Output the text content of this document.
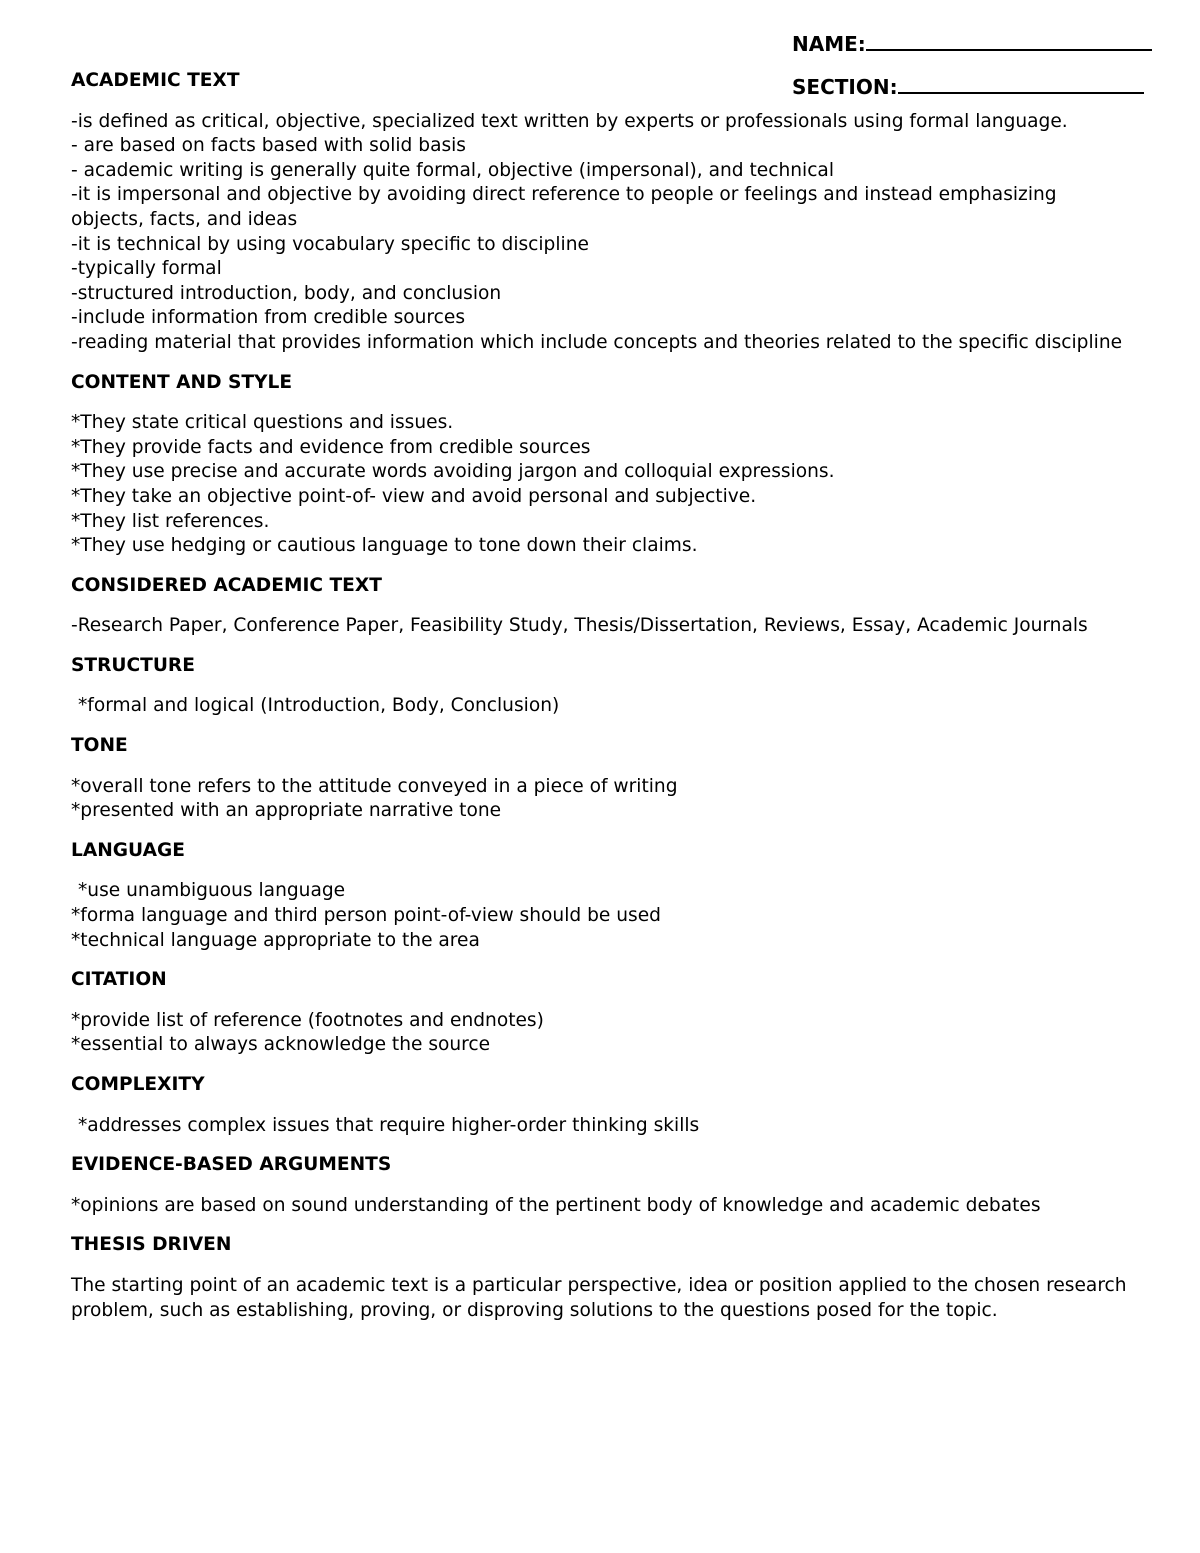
NAME:
SECTION:

ACADEMIC TEXT

-is defined as critical, objective, specialized text written by experts or professionals using formal language.

- are based on facts based with solid basis

- academic writing is generally quite formal, objective (impersonal), and technical

-it is impersonal and objective by avoiding direct reference to people or feelings and instead emphasizing objects, facts, and ideas

-it is technical by using vocabulary specific to discipline

-typically formal

-structured introduction, body, and conclusion

-include information from credible sources

-reading material that provides information which include concepts and theories related to the specific discipline

CONTENT AND STYLE

*They state critical questions and issues.

*They provide facts and evidence from credible sources

*They use precise and accurate words avoiding jargon and colloquial expressions.

*They take an objective point-of- view and avoid personal and subjective.

*They list references.

*They use hedging or cautious language to tone down their claims.

CONSIDERED ACADEMIC TEXT

-Research Paper, Conference Paper, Feasibility Study, Thesis/Dissertation, Reviews, Essay, Academic Journals

STRUCTURE

*formal and logical (Introduction, Body, Conclusion)

TONE

*overall tone refers to the attitude conveyed in a piece of writing

*presented with an appropriate narrative tone

LANGUAGE

*use unambiguous language

*forma language and third person point-of-view should be used

*technical language appropriate to the area

CITATION

*provide list of reference (footnotes and endnotes)

*essential to always acknowledge the source

COMPLEXITY

*addresses complex issues that require higher-order thinking skills

EVIDENCE-BASED ARGUMENTS

*opinions are based on sound understanding of the pertinent body of knowledge and academic debates

THESIS DRIVEN

The starting point of an academic text is a particular perspective, idea or position applied to the chosen research problem, such as establishing, proving, or disproving solutions to the questions posed for the topic.
